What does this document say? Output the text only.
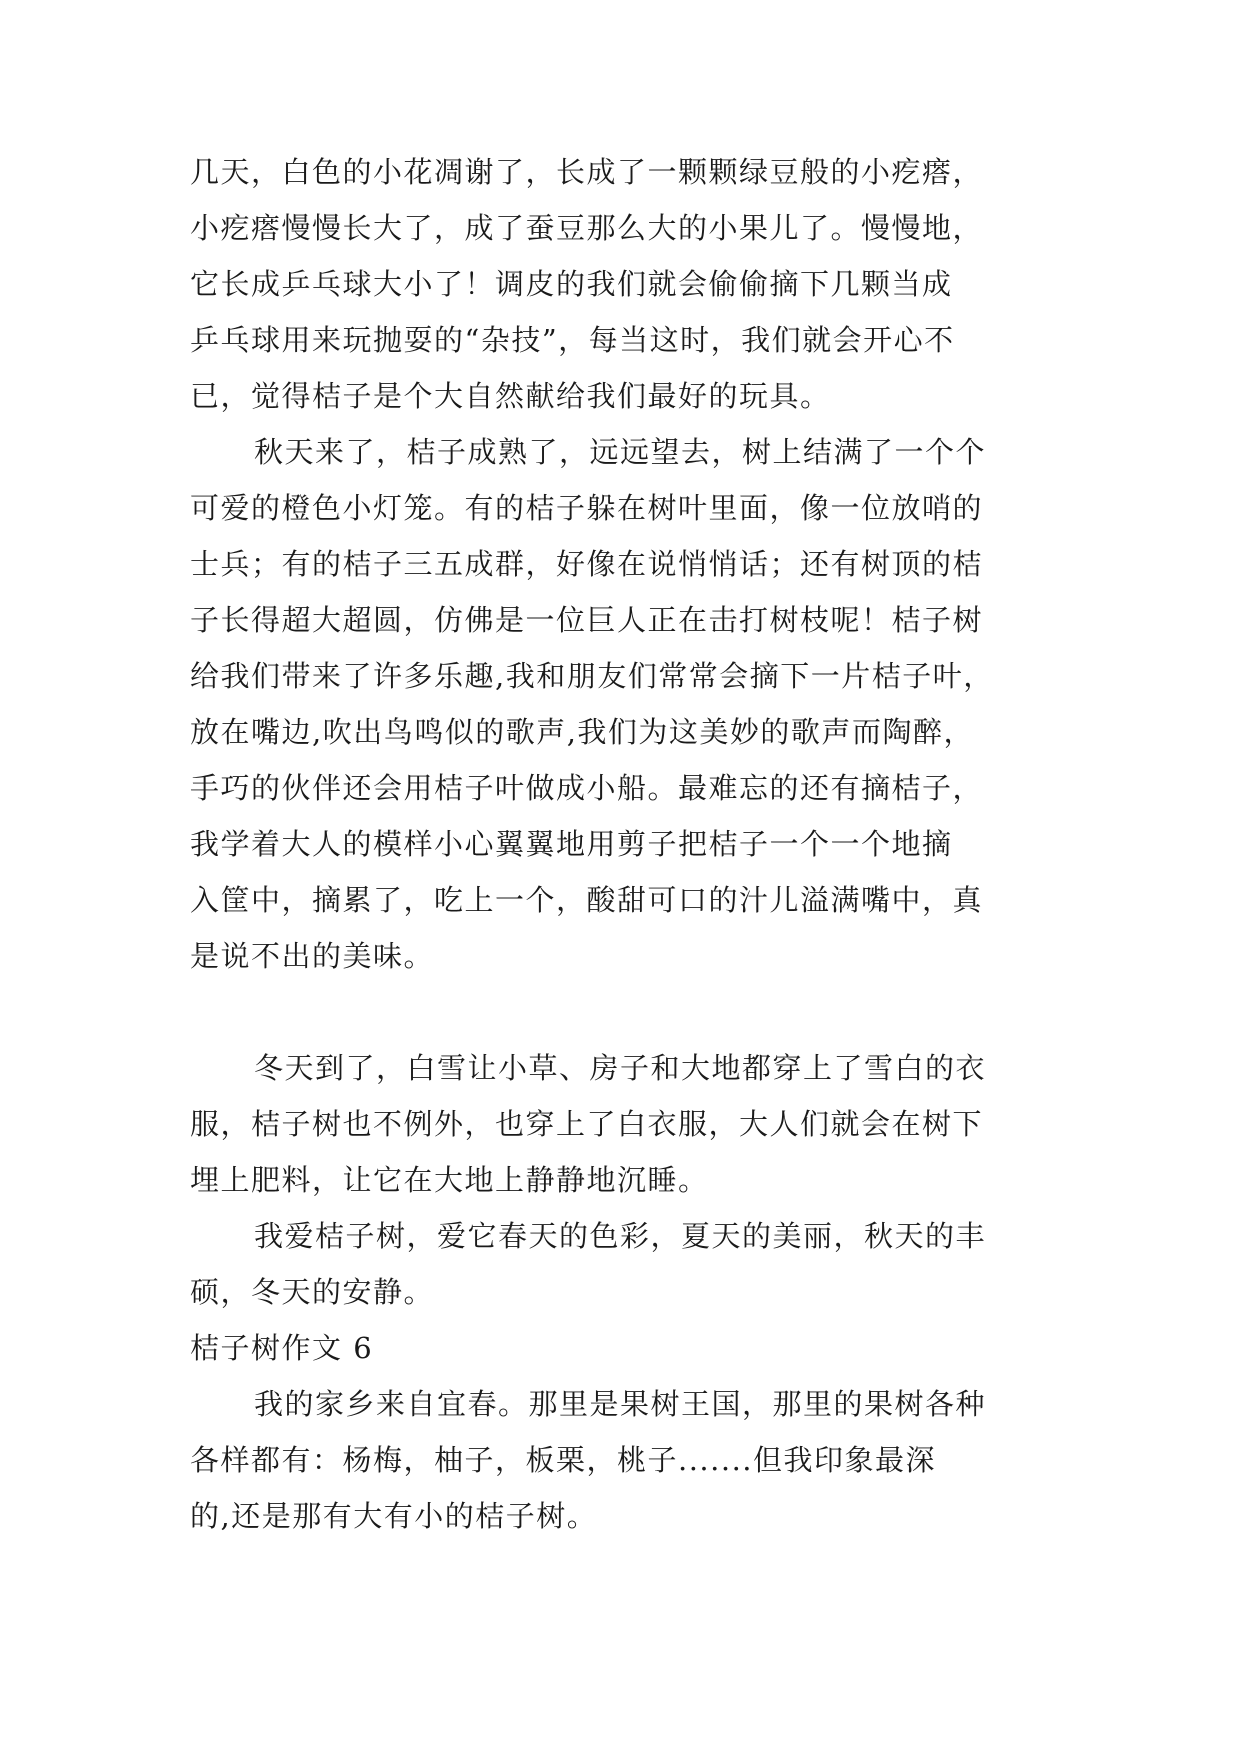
几天，白色的小花凋谢了，长成了一颗颗绿豆般的小疙瘩，
小疙瘩慢慢长大了，成了蚕豆那么大的小果儿了。慢慢地，
它长成乒乓球大小了！调皮的我们就会偷偷摘下几颗当成
乒乓球用来玩抛耍的“杂技”，每当这时，我们就会开心不
已，觉得桔子是个大自然献给我们最好的玩具。
秋天来了，桔子成熟了，远远望去，树上结满了一个个
可爱的橙色小灯笼。有的桔子躲在树叶里面，像一位放哨的
士兵；有的桔子三五成群，好像在说悄悄话；还有树顶的桔
子长得超大超圆，仿佛是一位巨人正在击打树枝呢！桔子树
给我们带来了许多乐趣,我和朋友们常常会摘下一片桔子叶，
放在嘴边,吹出鸟鸣似的歌声,我们为这美妙的歌声而陶醉，
手巧的伙伴还会用桔子叶做成小船。最难忘的还有摘桔子，
我学着大人的模样小心翼翼地用剪子把桔子一个一个地摘
入筐中，摘累了，吃上一个，酸甜可口的汁儿溢满嘴中，真
是说不出的美味。
冬天到了，白雪让小草、房子和大地都穿上了雪白的衣
服，桔子树也不例外，也穿上了白衣服，大人们就会在树下
埋上肥料，让它在大地上静静地沉睡。
我爱桔子树，爱它春天的色彩，夏天的美丽，秋天的丰
硕，冬天的安静。
桔子树作文 6
我的家乡来自宜春。那里是果树王国，那里的果树各种
各样都有：杨梅，柚子，板栗，桃子.......但我印象最深
的,还是那有大有小的桔子树。
